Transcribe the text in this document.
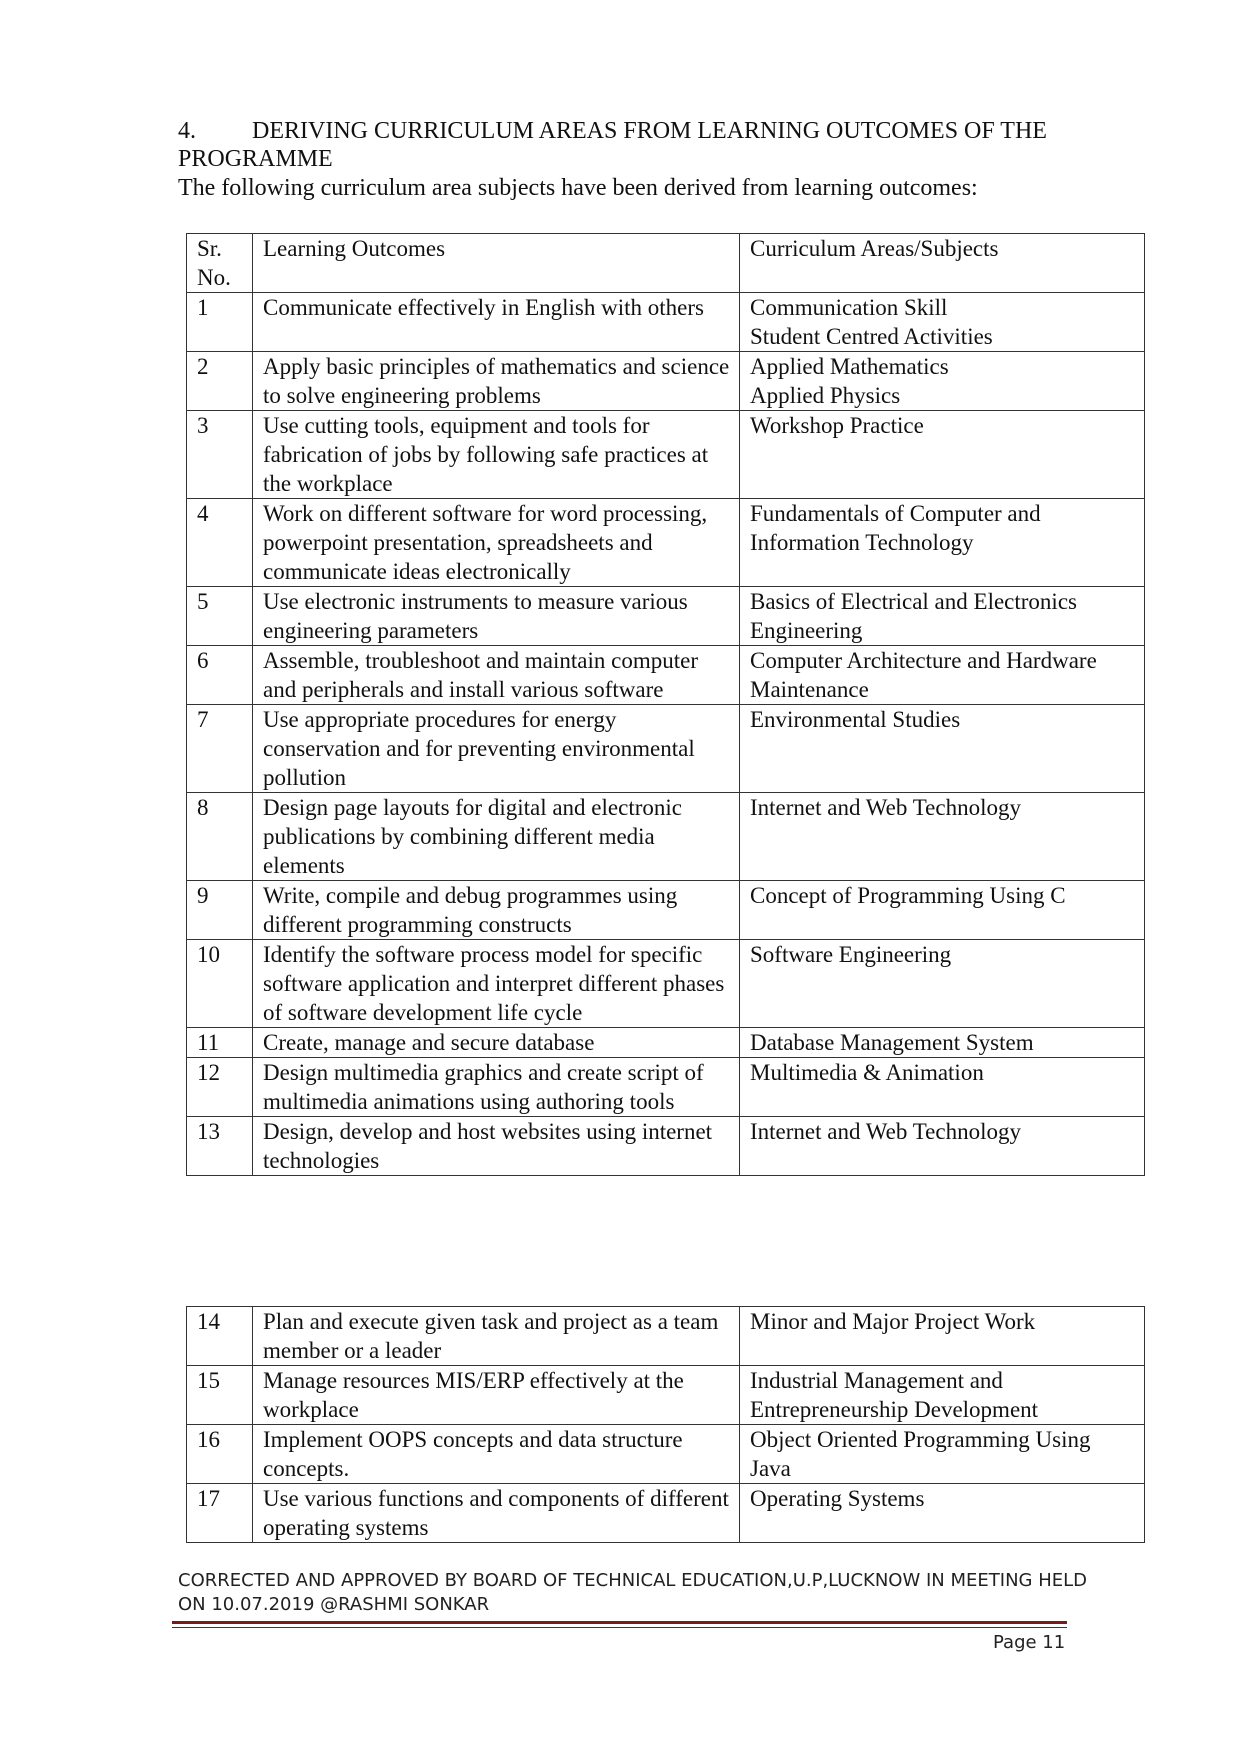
4. DERIVING CURRICULUM AREAS FROM LEARNING OUTCOMES OF THE PROGRAMME
The following curriculum area subjects have been derived from learning outcomes:
Sr. No.	Learning Outcomes	Curriculum Areas/Subjects
1	Communicate effectively in English with others	Communication Skill
Student Centred Activities

2	Apply basic principles of mathematics and science to solve engineering problems	Applied Mathematics
Applied Physics

3	Use cutting tools, equipment and tools for fabrication of jobs by following safe practices at the workplace	Workshop Practice

4	Work on different software for word processing, powerpoint presentation, spreadsheets and communicate ideas electronically	Fundamentals of Computer and Information Technology

5	Use electronic instruments to measure various engineering parameters	Basics of Electrical and Electronics Engineering

6	Assemble, troubleshoot and maintain computer and peripherals and install various software	Computer Architecture and Hardware Maintenance

7	Use appropriate procedures for energy conservation and for preventing environmental pollution	Environmental Studies

8	Design page layouts for digital and electronic publications by combining different media elements	Internet and Web Technology

9	Write, compile and debug programmes using different programming constructs	Concept of Programming Using C

10	Identify the software process model for specific software application and interpret different phases of software development life cycle	Software Engineering

11	Create, manage and secure database	Database Management System

12	Design multimedia graphics and create script of multimedia animations using authoring tools	Multimedia & Animation

13	Design, develop and host websites using internet technologies	Internet and Web Technology
14	Plan and execute given task and project as a team member or a leader	Minor and Major Project Work

15	Manage resources MIS/ERP effectively at the workplace	Industrial Management and Entrepreneurship Development

16	Implement OOPS concepts and data structure concepts.	Object Oriented Programming Using Java

17	Use various functions and components of different operating systems	Operating Systems
CORRECTED AND APPROVED BY BOARD OF TECHNICAL EDUCATION,U.P,LUCKNOW IN MEETING HELD ON 10.07.2019 @RASHMI SONKAR
Page 11
